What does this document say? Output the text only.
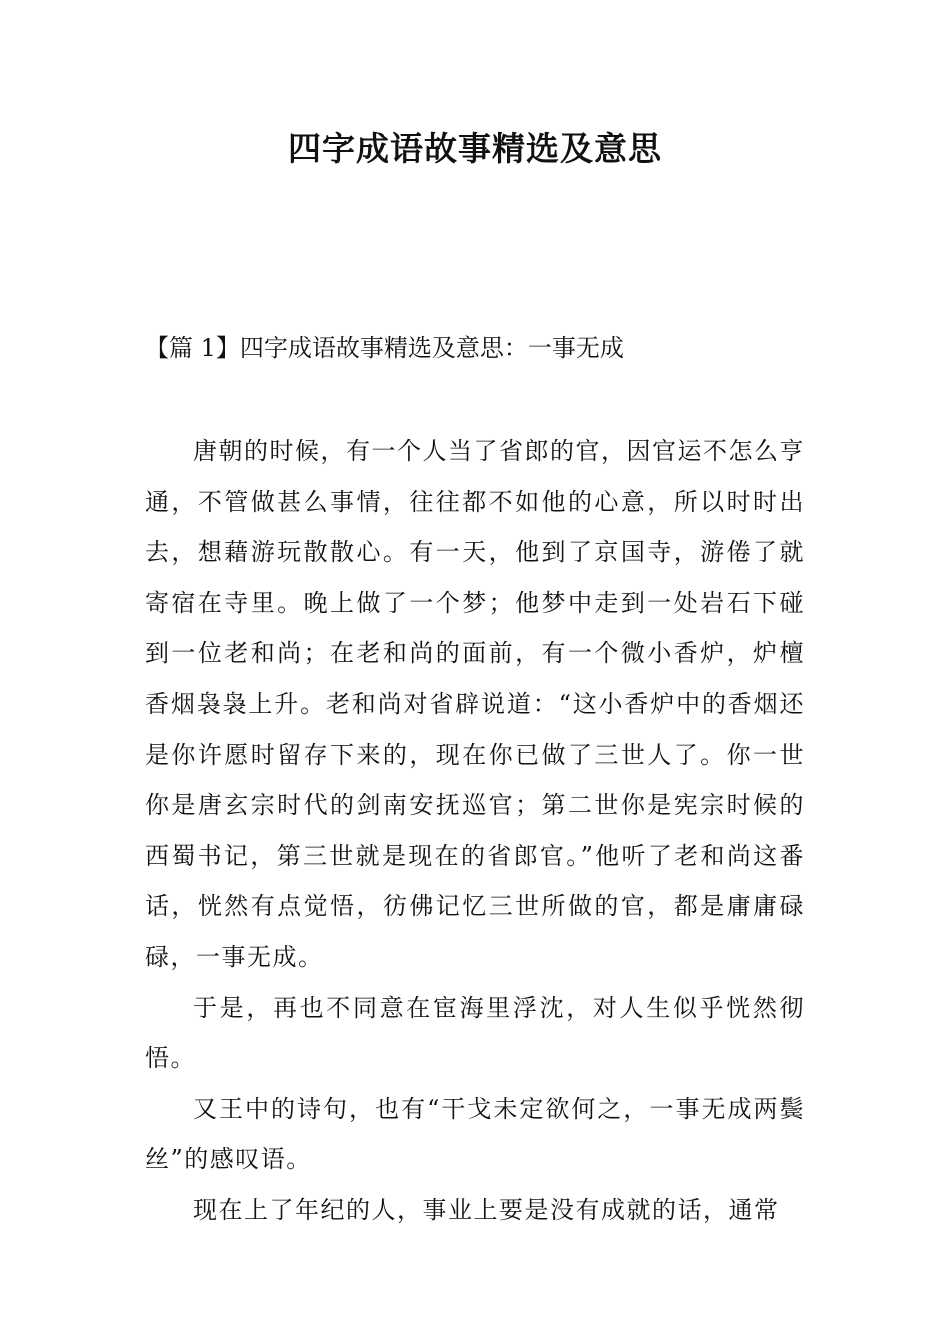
四字成语故事精选及意思
【篇 1】四字成语故事精选及意思：一事无成

唐朝的时候，有一个人当了省郎的官，因官运不怎么亨通，不管做甚么事情，往往都不如他的心意，所以时时出去，想藉游玩散散心。有一天，他到了京国寺，游倦了就寄宿在寺里。晚上做了一个梦；他梦中走到一处岩石下碰到一位老和尚；在老和尚的面前，有一个微小香炉，炉檀香烟袅袅上升。老和尚对省辟说道：“这小香炉中的香烟还是你许愿时留存下来的，现在你已做了三世人了。你一世你是唐玄宗时代的剑南安抚巡官；第二世你是宪宗时候的西蜀书记，第三世就是现在的省郎官。”他听了老和尚这番话，恍然有点觉悟，彷佛记忆三世所做的官，都是庸庸碌碌，一事无成。

于是，再也不同意在宦海里浮沈，对人生似乎恍然彻悟。

又王中的诗句，也有“干戈未定欲何之，一事无成两鬓丝”的感叹语。

现在上了年纪的人，事业上要是没有成就的话，通常
